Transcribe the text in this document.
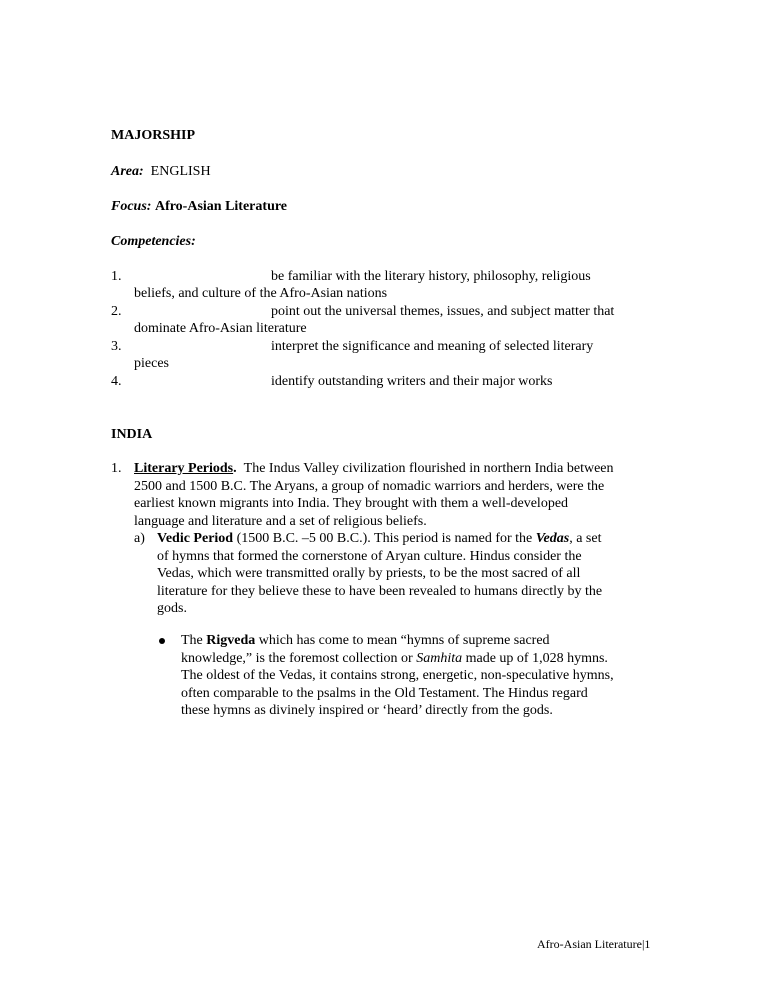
MAJORSHIP
Area: ENGLISH
Focus: Afro-Asian Literature
Competencies:
1.	be familiar with the literary history, philosophy, religious
beliefs, and culture of the Afro-Asian nations
2.	point out the universal themes, issues, and subject matter that
dominate Afro-Asian literature
3.	interpret the significance and meaning of selected literary
pieces
4.	identify outstanding writers and their major works
INDIA
1. Literary Periods. The Indus Valley civilization flourished in northern India between
2500 and 1500 B.C. The Aryans, a group of nomadic warriors and herders, were the
earliest known migrants into India. They brought with them a well-developed
language and literature and a set of religious beliefs.
a) Vedic Period (1500 B.C. –5 00 B.C.). This period is named for the Vedas, a set
of hymns that formed the cornerstone of Aryan culture. Hindus consider the
Vedas, which were transmitted orally by priests, to be the most sacred of all
literature for they believe these to have been revealed to humans directly by the
gods.
The Rigveda which has come to mean “hymns of supreme sacred
knowledge,” is the foremost collection or Samhita made up of 1,028 hymns.
The oldest of the Vedas, it contains strong, energetic, non-speculative hymns,
often comparable to the psalms in the Old Testament. The Hindus regard
these hymns as divinely inspired or ‘heard’ directly from the gods.
Afro-Asian Literature|1
